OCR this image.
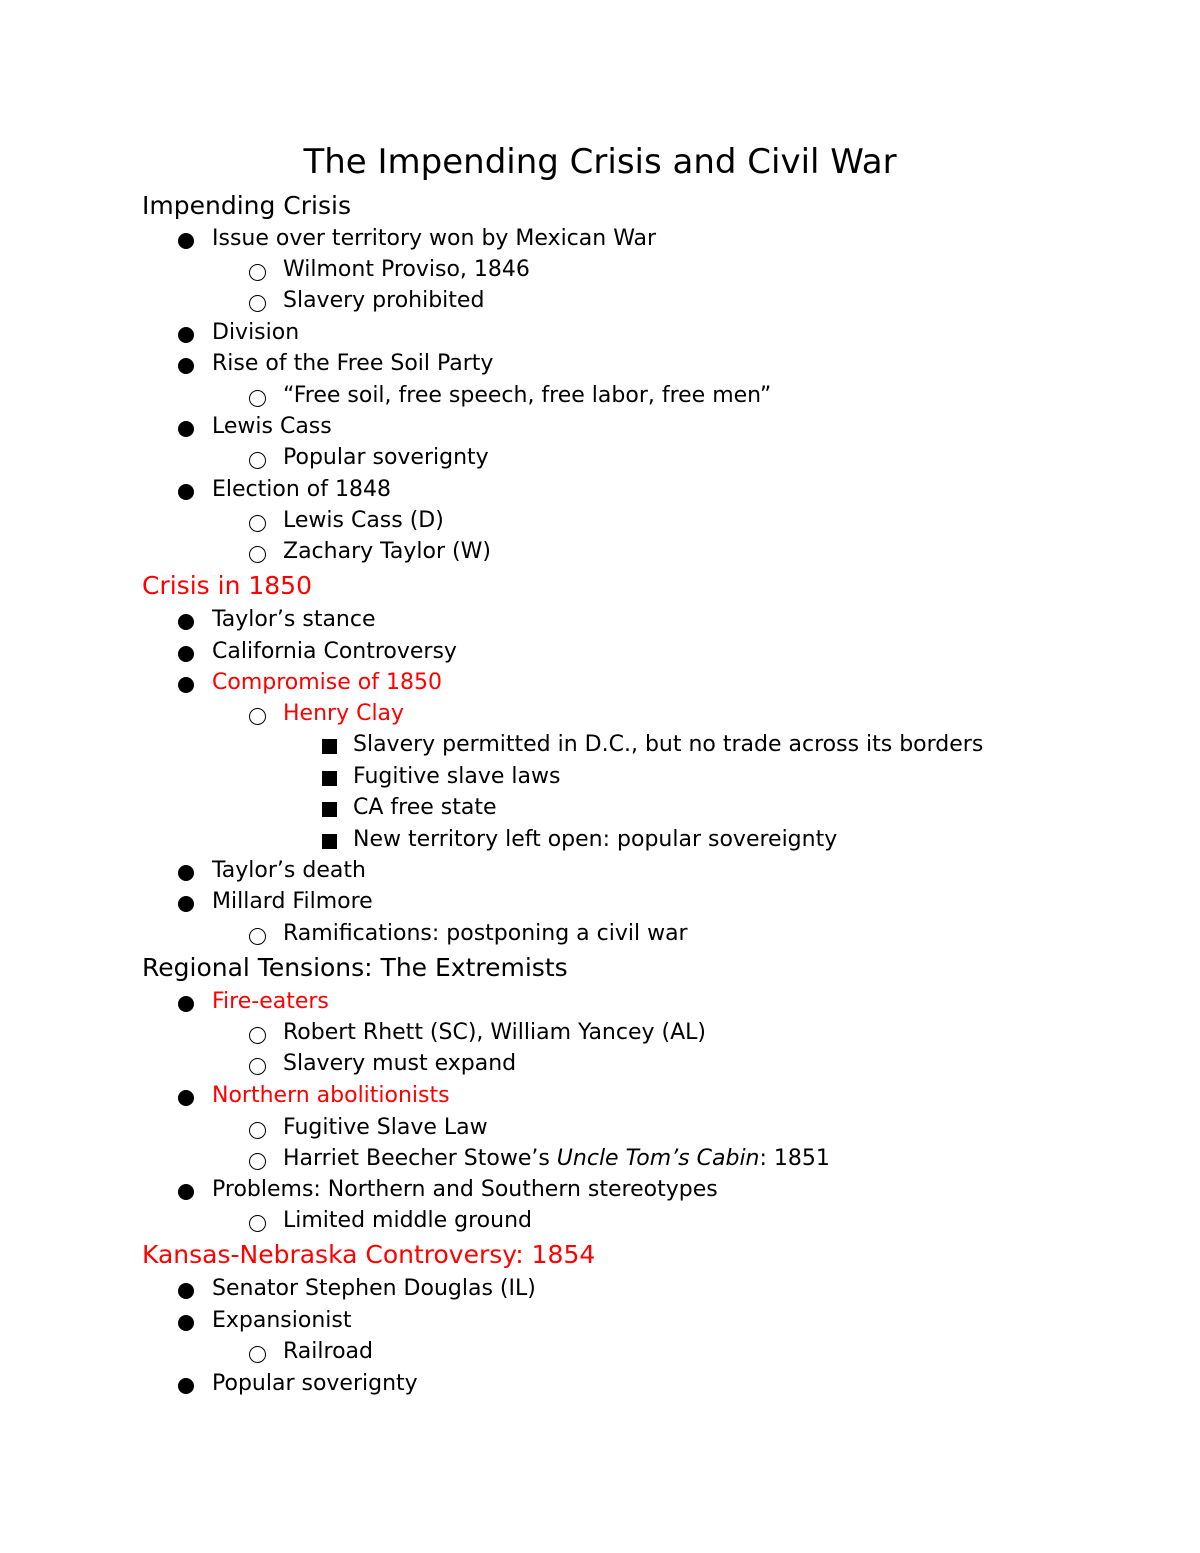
The Impending Crisis and Civil War
Impending Crisis
Issue over territory won by Mexican War
Wilmont Proviso, 1846
Slavery prohibited
Division
Rise of the Free Soil Party
“Free soil, free speech, free labor, free men”
Lewis Cass
Popular soverignty
Election of 1848
Lewis Cass (D)
Zachary Taylor (W)
Crisis in 1850
Taylor’s stance
California Controversy
Compromise of 1850
Henry Clay
Slavery permitted in D.C., but no trade across its borders
Fugitive slave laws
CA free state
New territory left open: popular sovereignty
Taylor’s death
Millard Filmore
Ramifications: postponing a civil war
Regional Tensions: The Extremists
Fire-eaters
Robert Rhett (SC), William Yancey (AL)
Slavery must expand
Northern abolitionists
Fugitive Slave Law
Harriet Beecher Stowe’s Uncle Tom’s Cabin: 1851
Problems: Northern and Southern stereotypes
Limited middle ground
Kansas-Nebraska Controversy: 1854
Senator Stephen Douglas (IL)
Expansionist
Railroad
Popular soverignty
